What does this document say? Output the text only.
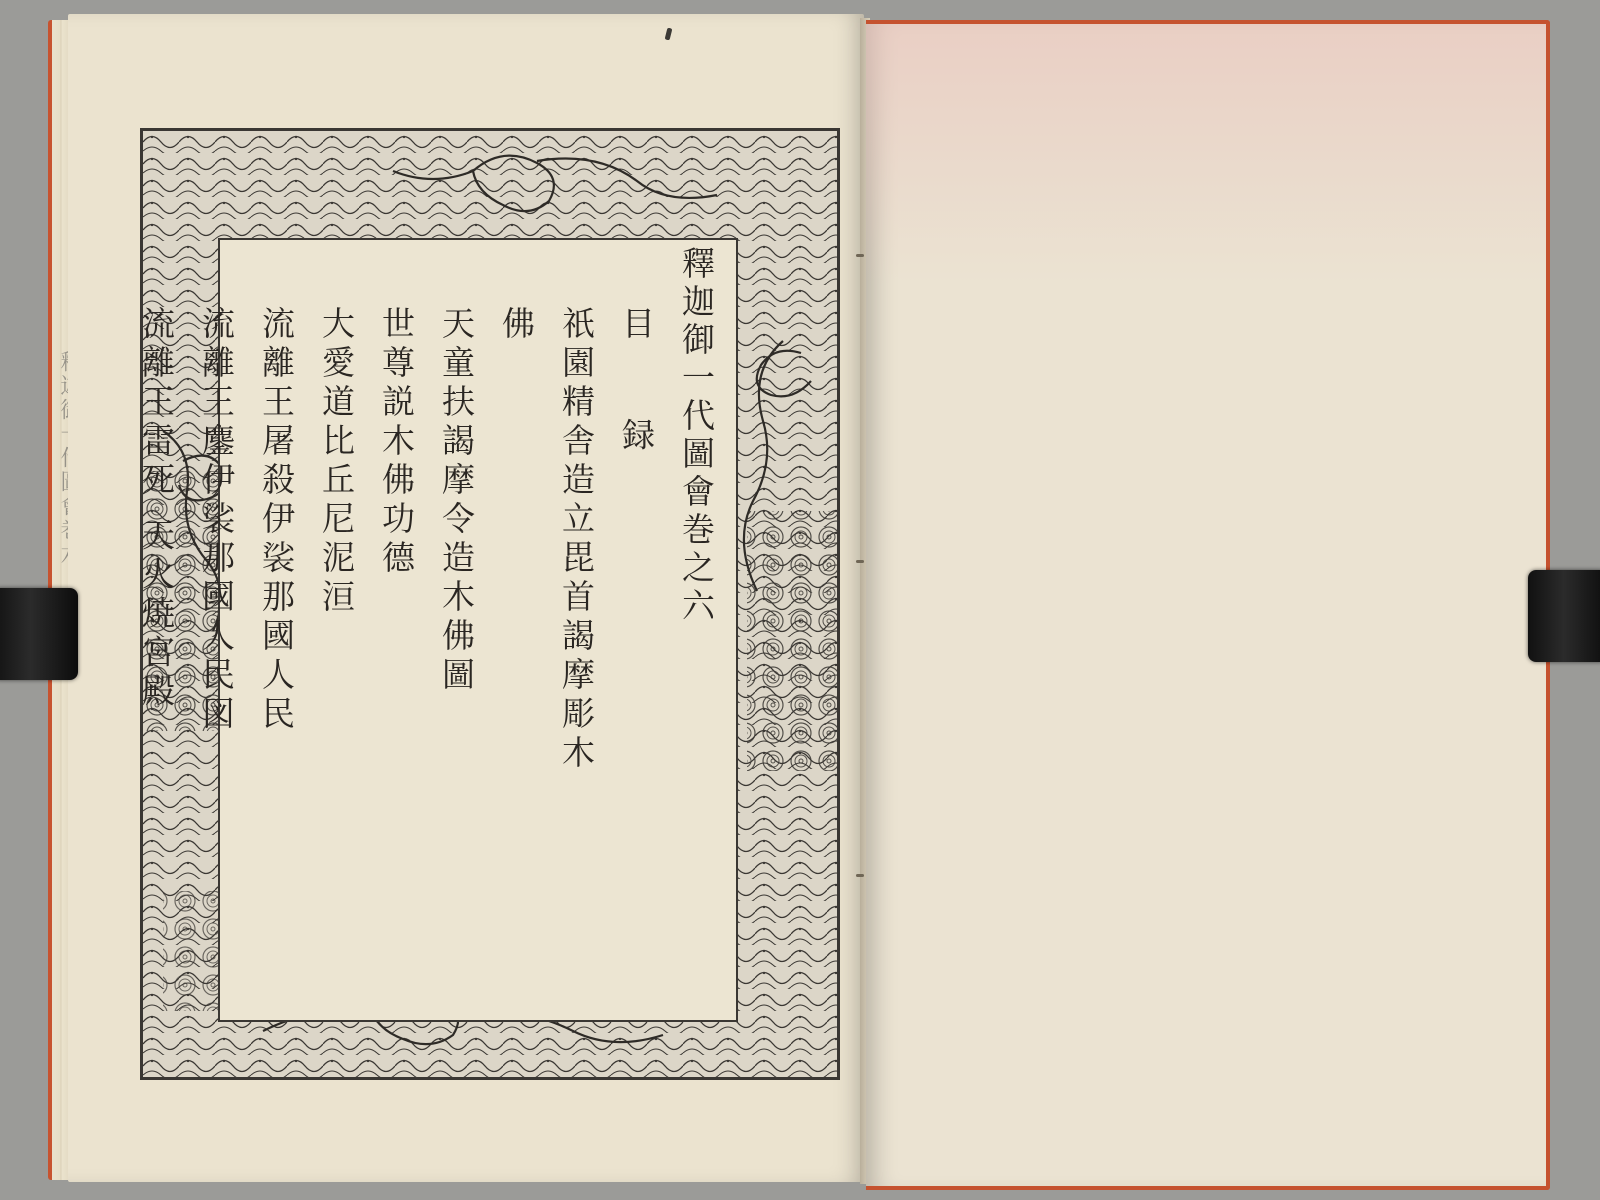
釋迦御一代圖會巻之六
目 録
祇園精舎造立毘首謁摩彫木佛
天童扶謁摩令造木佛圖
世尊説木佛功德
大愛道比丘尼泥洹
流離王屠殺伊裟那國人民
流離王鏖伊裟那國人民図
流離王雷死 天火焼宮殿
